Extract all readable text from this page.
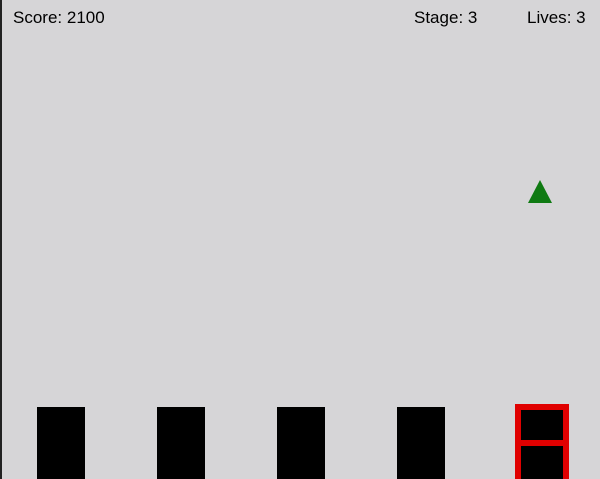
Score : 2100	Stage : 3	Lives : 3
